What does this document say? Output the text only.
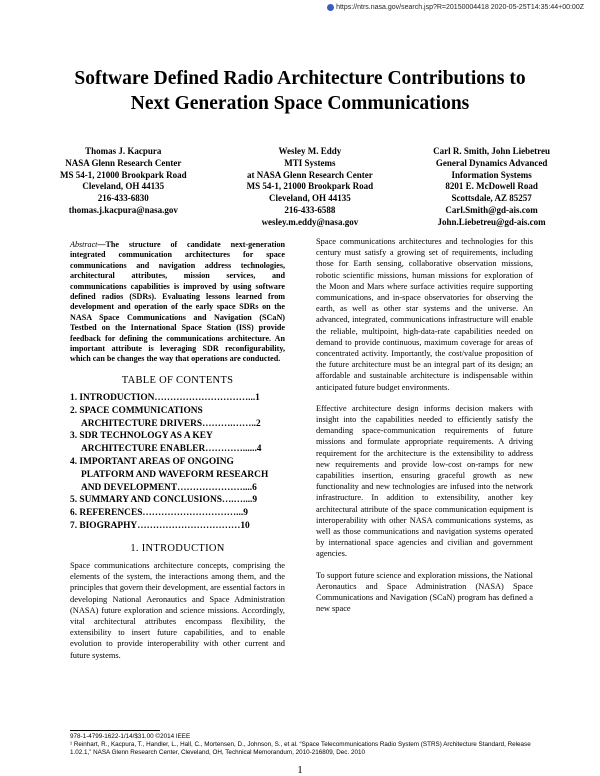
https://ntrs.nasa.gov/search.jsp?R=20150004418 2020-05-25T14:35:44+00:00Z
Software Defined Radio Architecture Contributions to
Next Generation Space Communications
Thomas J. Kacpura
NASA Glenn Research Center
MS 54-1, 21000 Brookpark Road
Cleveland, OH 44135
216-433-6830
thomas.j.kacpura@nasa.gov
Wesley M. Eddy
MTI Systems
at NASA Glenn Research Center
MS 54-1, 21000 Brookpark Road
Cleveland, OH 44135
216-433-6588
wesley.m.eddy@nasa.gov
Carl R. Smith, John Liebetreu
General Dynamics Advanced
Information Systems
8201 E. McDowell Road
Scottsdale, AZ 85257
Carl.Smith@gd-ais.com
John.Liebetreu@gd-ais.com
Abstract—The structure of candidate next-generation integrated communication architectures for space communications and navigation address technologies, architectural attributes, mission services, and communications capabilities is improved by using software defined radios (SDRs). Evaluating lessons learned from development and operation of the early space SDRs on the NASA Space Communications and Navigation (SCaN) Testbed on the International Space Station (ISS) provide feedback for defining the communications architecture. An important attribute is leveraging SDR reconfigurability, which can be changes the way that operations are conducted.
TABLE OF CONTENTS
1. INTRODUCTION…………………………...1
2. SPACE COMMUNICATIONS
ARCHITECTURE DRIVERS……….……..2
3. SDR TECHNOLOGY AS A KEY
ARCHITECTURE ENABLER…………......4
4. IMPORTANT AREAS OF ONGOING
PLATFORM AND WAVEFORM RESEARCH
AND DEVELOPMENT…………………....6
5. SUMMARY AND CONCLUSIONS….…....9
6. REFERENCES…………………………...9
7. BIOGRAPHY……………………………10
1. INTRODUCTION
Space communications architecture concepts, comprising the elements of the system, the interactions among them, and the principles that govern their development, are essential factors in developing National Aeronautics and Space Administration (NASA) future exploration and science missions. Accordingly, vital architectural attributes encompass flexibility, the extensibility to insert future capabilities, and to enable evolution to provide interoperability with other current and future systems.
Space communications architectures and technologies for this century must satisfy a growing set of requirements, including those for Earth sensing, collaborative observation missions, robotic scientific missions, human missions for exploration of the Moon and Mars where surface activities require supporting communications, and in-space observatories for observing the earth, as well as other star systems and the universe. An advanced, integrated, communications infrastructure will enable the reliable, multipoint, high-data-rate capabilities needed on demand to provide continuous, maximum coverage for areas of concentrated activity. Importantly, the cost/value proposition of the future architecture must be an integral part of its design; an affordable and sustainable architecture is indispensable within anticipated future budget environments.
Effective architecture design informs decision makers with insight into the capabilities needed to efficiently satisfy the demanding space-communication requirements of future missions and formulate appropriate requirements. A driving requirement for the architecture is the extensibility to address new requirements and provide low-cost on-ramps for new capabilities insertion, ensuring graceful growth as new functionality and new technologies are infused into the network infrastructure. In addition to extensibility, another key architectural attribute of the space communication equipment is interoperability with other NASA communications systems, as well as those communications and navigation systems operated by international space agencies and civilian and government agencies.
To support future science and exploration missions, the National Aeronautics and Space Administration (NASA) Space Communications and Navigation (SCaN) program has defined a new space
978-1-4799-1622-1/14/$31.00 ©2014 IEEE
¹ Reinhart, R., Kacpura, T., Handler, L., Hall, C., Mortensen, D., Johnson, S., et al. “Space Telecommunications Radio System (STRS) Architecture Standard, Release 1.02.1,” NASA Glenn Research Center, Cleveland, OH, Technical Memorandum, 2010-216809, Dec. 2010
1
